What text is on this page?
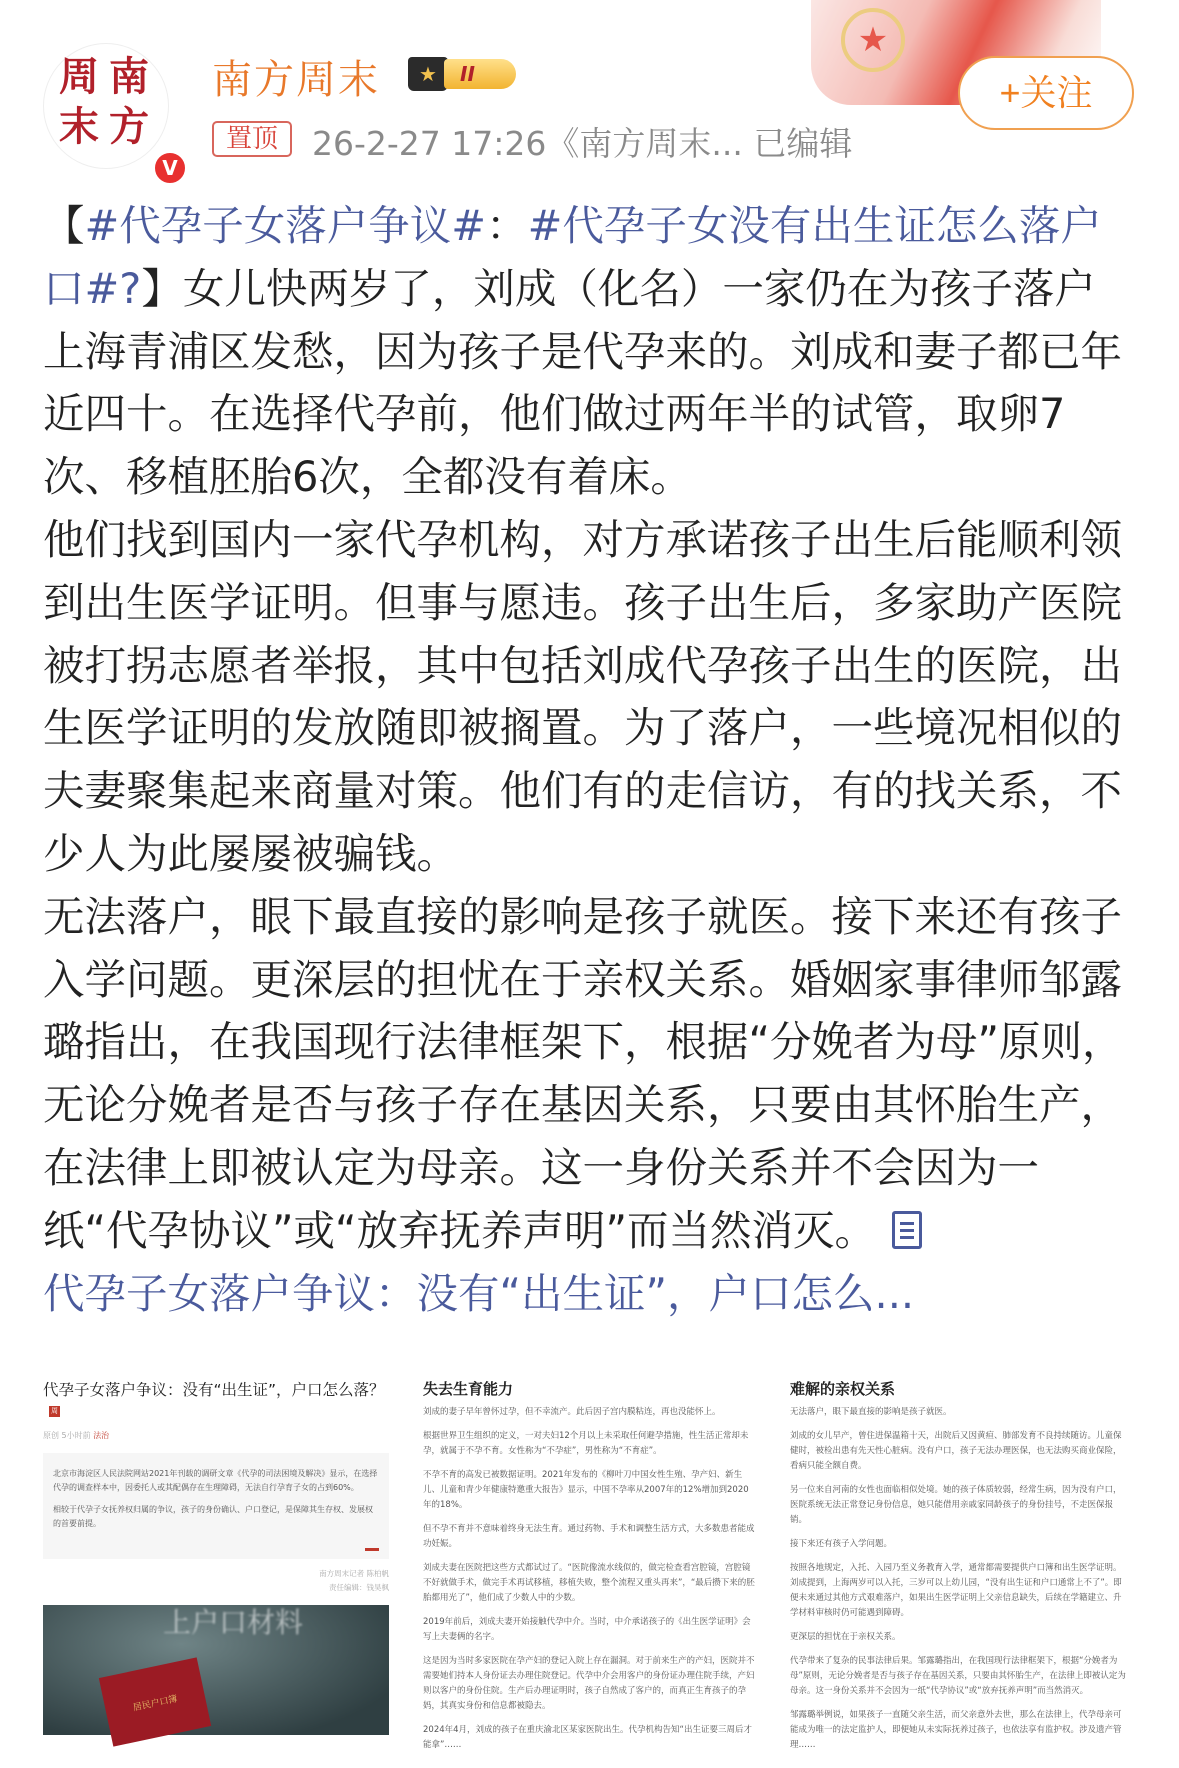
★
周 南
末 方
V
南方周末	★	II
置顶	26-2-27 17:26《南方周末... 已编辑
+关注

【#代孕子女落户争议#：#代孕子女没有出生证怎么落户口#?】女儿快两岁了，刘成（化名）一家仍在为孩子落户上海青浦区发愁，因为孩子是代孕来的。刘成和妻子都已年近四十。在选择代孕前，他们做过两年半的试管，取卵7次、移植胚胎6次，全都没有着床。

他们找到国内一家代孕机构，对方承诺孩子出生后能顺利领到出生医学证明。但事与愿违。孩子出生后，多家助产医院被打拐志愿者举报，其中包括刘成代孕孩子出生的医院，出生医学证明的发放随即被搁置。为了落户，一些境况相似的夫妻聚集起来商量对策。他们有的走信访，有的找关系，不少人为此屡屡被骗钱。

无法落户，眼下最直接的影响是孩子就医。接下来还有孩子入学问题。更深层的担忧在于亲权关系。婚姻家事律师邹露璐指出，在我国现行法律框架下，根据“分娩者为母”原则，无论分娩者是否与孩子存在基因关系，只要由其怀胎生产，在法律上即被认定为母亲。这一身份关系并不会因为一纸“代孕协议”或“放弃抚养声明”而当然消灭。

代孕子女落户争议：没有“出生证”，户口怎么...

代孕子女落户争议：没有“出生证”，户口怎么落？周
原创 5小时前 法治

北京市海淀区人民法院网站2021年刊载的调研文章《代孕的司法困境及解决》显示，在选择代孕的调查样本中，因委托人或其配偶存在生理障碍，无法自行孕育子女的占到60%。

相较于代孕子女抚养权归属的争议，孩子的身份确认、户口登记，是保障其生存权、发展权的首要前提。

南方周末记者 陈柏帆
责任编辑：钱昊枫
上户口材料
居民户口簿
失去生育能力

刘成的妻子早年曾怀过孕，但不幸流产。此后因子宫内膜粘连，再也没能怀上。

根据世界卫生组织的定义，一对夫妇12个月以上未采取任何避孕措施，性生活正常却未孕，就属于不孕不育。女性称为“不孕症”，男性称为“不育症”。

不孕不育的高发已被数据证明。2021年发布的《柳叶刀中国女性生殖、孕产妇、新生儿、儿童和青少年健康特邀重大报告》显示，中国不孕率从2007年的12%增加到2020年的18%。

但不孕不育并不意味着终身无法生育。通过药物、手术和调整生活方式，大多数患者能成功妊娠。

刘成夫妻在医院把这些方式都试过了。“医院像流水线似的，做完检查看宫腔镜，宫腔镜不好就做手术，做完手术再试移植，移植失败，整个流程又重头再来”，“最后攒下来的胚胎都用光了”，他们成了少数人中的少数。

2019年前后，刘成夫妻开始接触代孕中介。当时，中介承诺孩子的《出生医学证明》会写上夫妻俩的名字。

这是因为当时多家医院在孕产妇的登记入院上存在漏洞。对于前来生产的产妇，医院并不需要她们持本人身份证去办理住院登记。代孕中介会用客户的身份证办理住院手续，产妇则以客户的身份住院。生产后办理证明时，孩子自然成了客户的，而真正生育孩子的孕妈，其真实身份和信息都被隐去。

2024年4月，刘成的孩子在重庆渝北区某家医院出生。代孕机构告知“出生证要三周后才能拿”……

难解的亲权关系

无法落户，眼下最直接的影响是孩子就医。

刘成的女儿早产，曾住进保温箱十天，出院后又因黄疸、肺部发育不良持续随访。儿童保健时，被检出患有先天性心脏病。没有户口，孩子无法办理医保，也无法购买商业保险，看病只能全额自费。

另一位来自河南的女性也面临相似处境。她的孩子体质较弱，经常生病，因为没有户口，医院系统无法正常登记身份信息，她只能借用亲戚家同龄孩子的身份挂号，不走医保报销。

接下来还有孩子入学问题。

按照各地规定，入托、入园乃至义务教育入学，通常都需要提供户口簿和出生医学证明。刘成提到，上海两岁可以入托，三岁可以上幼儿园，“没有出生证和户口通常上不了”。即便未来通过其他方式艰难落户，如果出生医学证明上父亲信息缺失，后续在学籍建立、升学材料审核时仍可能遇到障碍。

更深层的担忧在于亲权关系。

代孕带来了复杂的民事法律后果。邹露璐指出，在我国现行法律框架下，根据“分娩者为母”原则，无论分娩者是否与孩子存在基因关系，只要由其怀胎生产，在法律上即被认定为母亲。这一身份关系并不会因为一纸“代孕协议”或“放弃抚养声明”而当然消灭。

邹露璐举例说，如果孩子一直随父亲生活，而父亲意外去世，那么在法律上，代孕母亲可能成为唯一的法定监护人，即便她从未实际抚养过孩子，也依法享有监护权。涉及遗产管理……
